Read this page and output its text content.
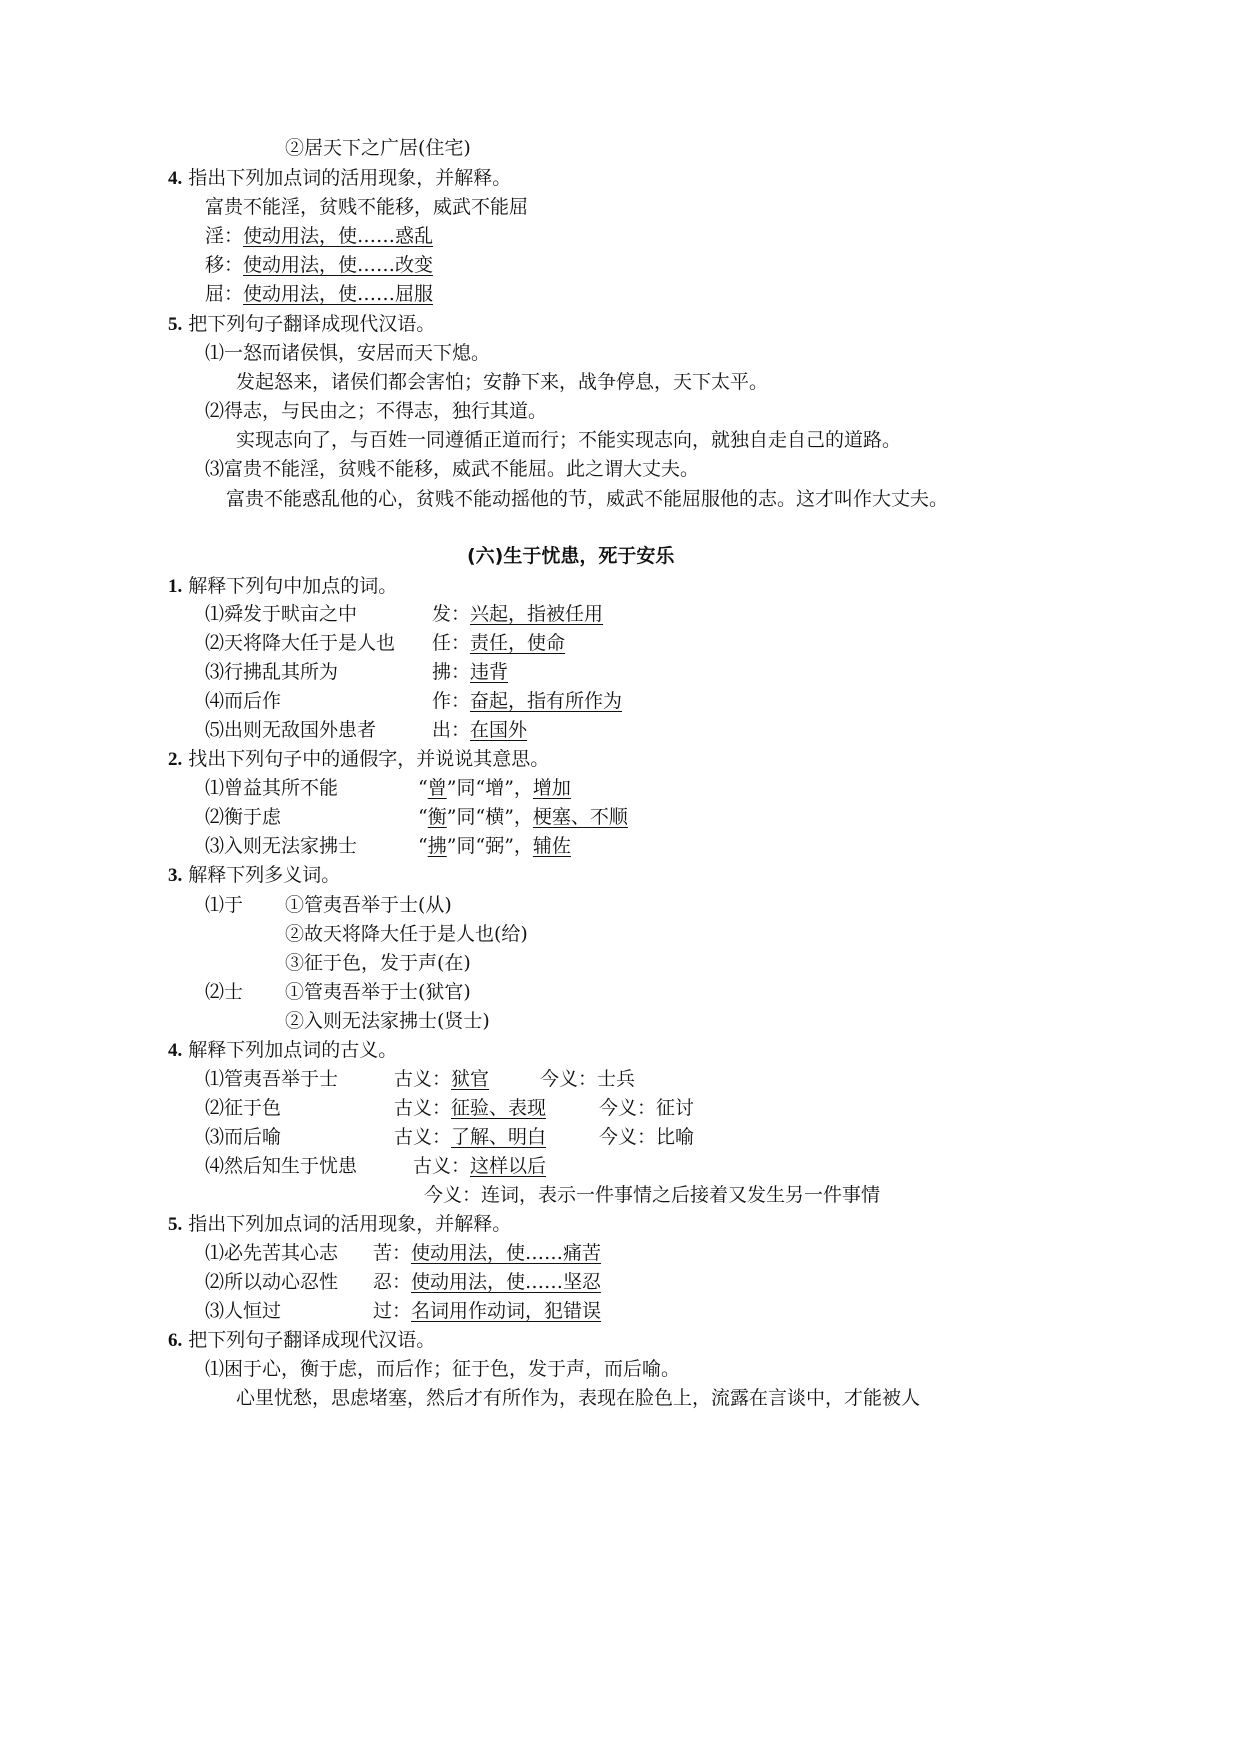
②居天下之广居(住宅)
4. 指出下列加点词的活用现象，并解释。
富贵不能淫，贫贱不能移，威武不能屈
淫：使动用法，使……惑乱
移：使动用法，使……改变
屈：使动用法，使……屈服
5. 把下列句子翻译成现代汉语。
⑴一怒而诸侯惧，安居而天下熄。
发起怒来，诸侯们都会害怕；安静下来，战争停息，天下太平。
⑵得志，与民由之；不得志，独行其道。
实现志向了，与百姓一同遵循正道而行；不能实现志向，就独自走自己的道路。
⑶富贵不能淫，贫贱不能移，威武不能屈。此之谓大丈夫。
富贵不能惑乱他的心，贫贱不能动摇他的节，威武不能屈服他的志。这才叫作大丈夫。
(六)生于忧患，死于安乐
1. 解释下列句中加点的词。
⑴舜发于畎亩之中	发：兴起，指被任用
⑵天将降大任于是人也 任：责任，使命
⑶行拂乱其所为	拂：违背
⑷而后作	作：奋起，指有所作为
⑸出则无敌国外患者	出：在国外
2. 找出下列句子中的通假字，并说说其意思。
⑴曾益其所不能	“曾”同“增”，增加
⑵衡于虑	“衡”同“横”，梗塞、不顺
⑶入则无法家拂士	“拂”同“弼”，辅佐
3. 解释下列多义词。
⑴于 ①管夷吾举于士(从)
②故天将降大任于是人也(给)
③征于色，发于声(在)
⑵士 ①管夷吾举于士(狱官)
②入则无法家拂士(贤士)
4. 解释下列加点词的古义。
⑴管夷吾举于士	古义：狱官	今义：士兵
⑵征于色	古义：征验、表现	今义：征讨
⑶而后喻	古义：了解、明白	今义：比喻
⑷然后知生于忧患	古义：这样以后
今义：连词，表示一件事情之后接着又发生另一件事情
5. 指出下列加点词的活用现象，并解释。
⑴必先苦其心志 苦：使动用法，使……痛苦
⑵所以动心忍性 忍：使动用法，使……坚忍
⑶人恒过	过：名词用作动词，犯错误
6. 把下列句子翻译成现代汉语。
⑴困于心，衡于虑，而后作；征于色，发于声，而后喻。
心里忧愁，思虑堵塞，然后才有所作为，表现在脸色上，流露在言谈中，才能被人
